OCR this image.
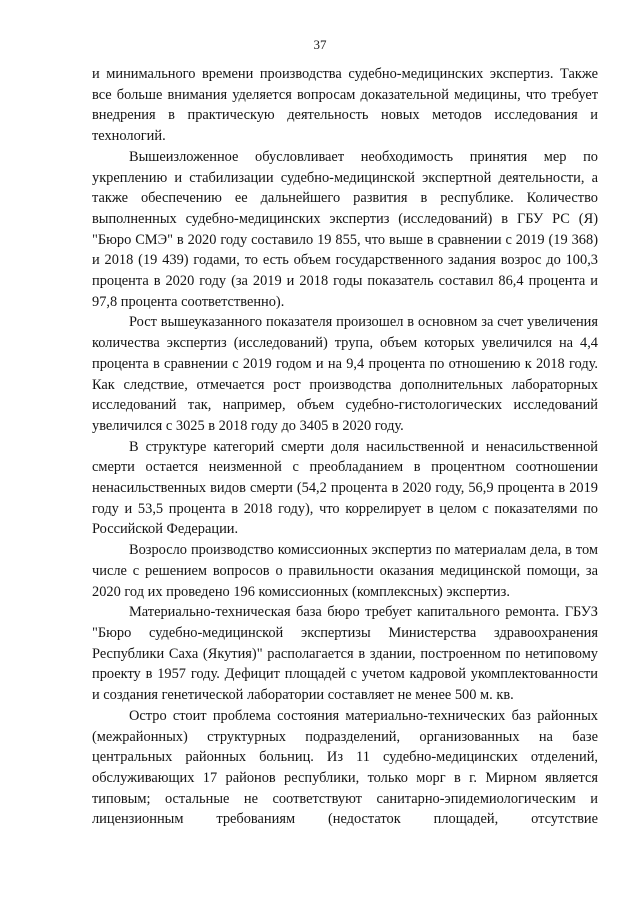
37

и минимального времени производства судебно-медицинских экспертиз. Также все больше внимания уделяется вопросам доказательной медицины, что требует внедрения в практическую деятельность новых методов исследования и технологий.

Вышеизложенное обусловливает необходимость принятия мер по укреплению и стабилизации судебно-медицинской экспертной деятельности, а также обеспечению ее дальнейшего развития в республике. Количество выполненных судебно-медицинских экспертиз (исследований) в ГБУ РС (Я) "Бюро СМЭ" в 2020 году составило 19 855, что выше в сравнении с 2019 (19 368) и 2018 (19 439) годами, то есть объем государственного задания возрос до 100,3 процента в 2020 году (за 2019 и 2018 годы показатель составил 86,4 процента и 97,8 процента соответственно).

Рост вышеуказанного показателя произошел в основном за счет увеличения количества экспертиз (исследований) трупа, объем которых увеличился на 4,4 процента в сравнении с 2019 годом и на 9,4 процента по отношению к 2018 году. Как следствие, отмечается рост производства дополнительных лабораторных исследований так, например, объем судебно-гистологических исследований увеличился с 3025 в 2018 году до 3405 в 2020 году.

В структуре категорий смерти доля насильственной и ненасильственной смерти остается неизменной с преобладанием в процентном соотношении ненасильственных видов смерти (54,2 процента в 2020 году, 56,9 процента в 2019 году и 53,5 процента в 2018 году), что коррелирует в целом с показателями по Российской Федерации.

Возросло производство комиссионных экспертиз по материалам дела, в том числе с решением вопросов о правильности оказания медицинской помощи, за 2020 год их проведено 196 комиссионных (комплексных) экспертиз.

Материально-техническая база бюро требует капитального ремонта. ГБУЗ "Бюро судебно-медицинской экспертизы Министерства здравоохранения Республики Саха (Якутия)" располагается в здании, построенном по нетиповому проекту в 1957 году. Дефицит площадей с учетом кадровой укомплектованности и создания генетической лаборатории составляет не менее 500 м. кв.

Остро стоит проблема состояния материально-технических баз районных (межрайонных) структурных подразделений, организованных на базе центральных районных больниц. Из 11 судебно-медицинских отделений, обслуживающих 17 районов республики, только морг в г. Мирном является типовым; остальные не соответствуют санитарно-эпидемиологическим и лицензионным требованиям (недостаток площадей, отсутствие
